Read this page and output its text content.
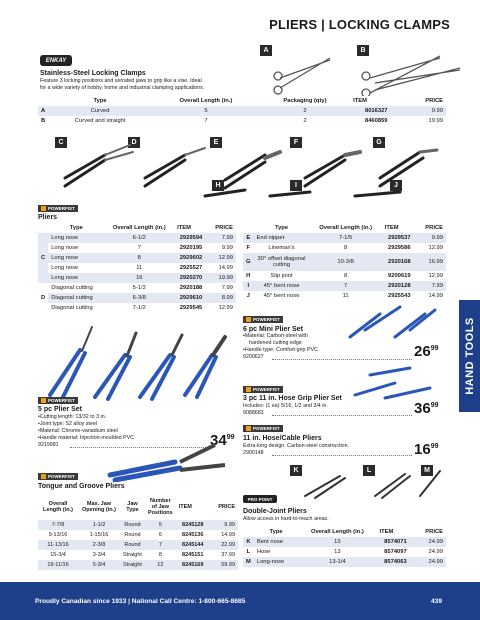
PLIERS | LOCKING CLAMPS
A	B
ENKAY
Stainless-Steel Locking Clamps
Feature 3 locking positions and serrated jaws to grip like a vise. Ideal
for a wide variety of hobby, home and industrial clamping applications.
	Type	Overall Length (in.)	Packaging (qty)	ITEM	PRICE
A	Curved	5	2	8016327	9.99
B	Curved and straight	7	2	8460859	19.99
C	D	E	F	G
H	I	J
POWERFIST
Pliers
	Type	Overall Length (in.)	ITEM	PRICE
C	Long nose	6-1/2	2929594	7.99
	Long nose	7	2920195	9.99
	Long nose	8	2929602	12.99
	Long nose	11	2925527	14.99
	Long nose	16	2920270	19.99
D	Diagonal cutting	5-1/2	2920188	7.99
	Diagonal cutting	6-3/8	2929610	8.99
	Diagonal cutting	7-1/2	2929545	12.99
	Type	Overall Length (in.)	ITEM	PRICE
E	End nipper	7-1/5	2929537	9.99
F	Lineman's	8	2929586	12.99
G	30° offset diagonal cutting	10-3/8	2920168	16.99
H	Slip joint	8	9200619	12.99
I	45° bent nose	7	2920128	7.99
J	45° bent nose	11	2925543	14.99
POWERFIST
5 pc Plier Set
•Cutting length: 13/32 to 3 in.
•Joint type: S2 alloy steel
•Material: Chrome-vanadium steel
•Handle material: Injection-moulded PVC
9219981	$34^{99}$
POWERFIST
Tongue and Groove Pliers
Overall Length (in.)	Max. Jaw Opening (in.)	Jaw Type	Number of Jaw Positions	ITEM	PRICE
7-7/8	1-1/2	Round	5	8245128	9.99
9-13/16	1-15/16	Round	6	8245136	14.99
11-13/16	2-3/8	Round	7	8245144	22.99
15-3/4	3-3/4	Straight	8	8245151	37.99
19-11/16	5-3/4	Straight	12	8245169	59.99
POWERFIST
6 pc Mini Plier Set
•Material: Carbon-steel with
hardened cutting edge
•Handle type: Comfort-grip PVC
9200627	$26^{99}$
POWERFIST
3 pc 11 in. Hose Grip Plier Set
Includes: (1 ea) 5/16, 1/2 and 3/4 in.
9088683	$36^{99}$
POWERFIST
11 in. Hose/Cable Pliers
Extra-long design. Carbon-steel construction.
2990148	$16^{99}$
K	L	M
PRO POINT
Double-Joint Pliers
Allow access in hard-to-reach areas.
	Type	Overall Length (in.)	ITEM	PRICE
K	Bent nose	13	8574071	24.99
L	Hose	13	8574097	24.99
M	Long-nose	13-1/4	8574063	24.99
HAND TOOLS
Proudly Canadian since 1933 | National Call Centre: 1-800-665-8685	439
